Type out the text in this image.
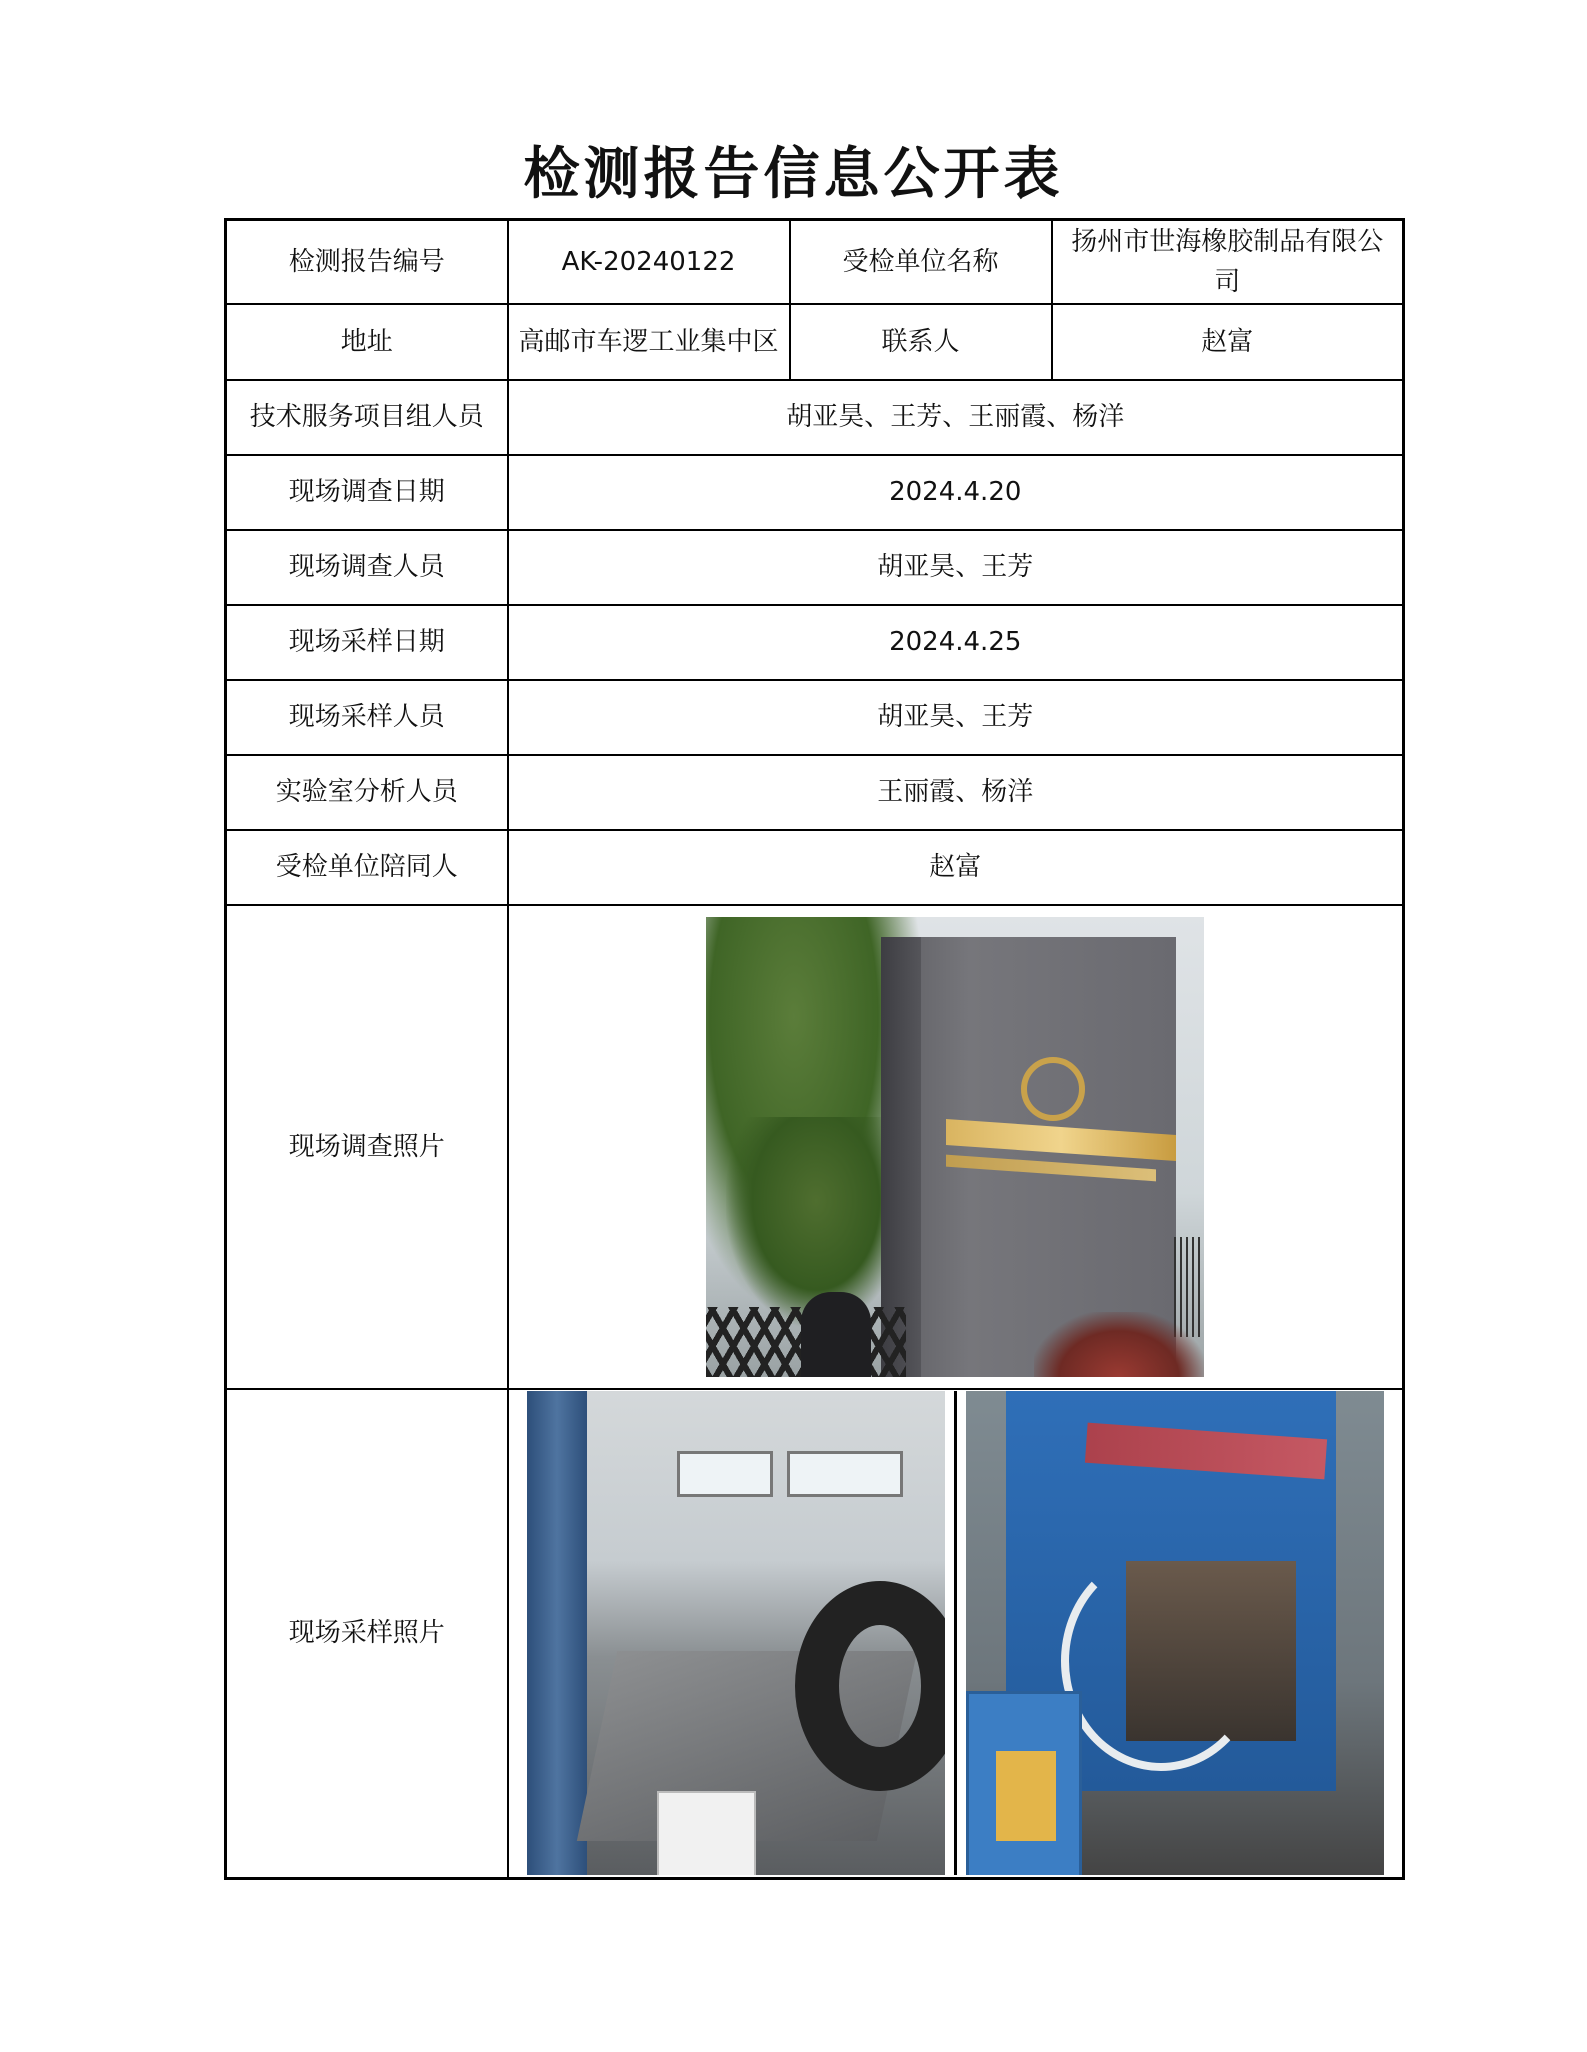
检测报告信息公开表
检测报告编号	AK-20240122	受检单位名称	扬州市世海橡胶制品有限公司
地址	高邮市车逻工业集中区	联系人	赵富
技术服务项目组人员	胡亚昊、王芳、王丽霞、杨洋		
现场调查日期	2024.4.20		
现场调查人员	胡亚昊、王芳		
现场采样日期	2024.4.25		
现场采样人员	胡亚昊、王芳		
实验室分析人员	王丽霞、杨洋		
受检单位陪同人	赵富		
现场调查照片			

现场采样照片			
